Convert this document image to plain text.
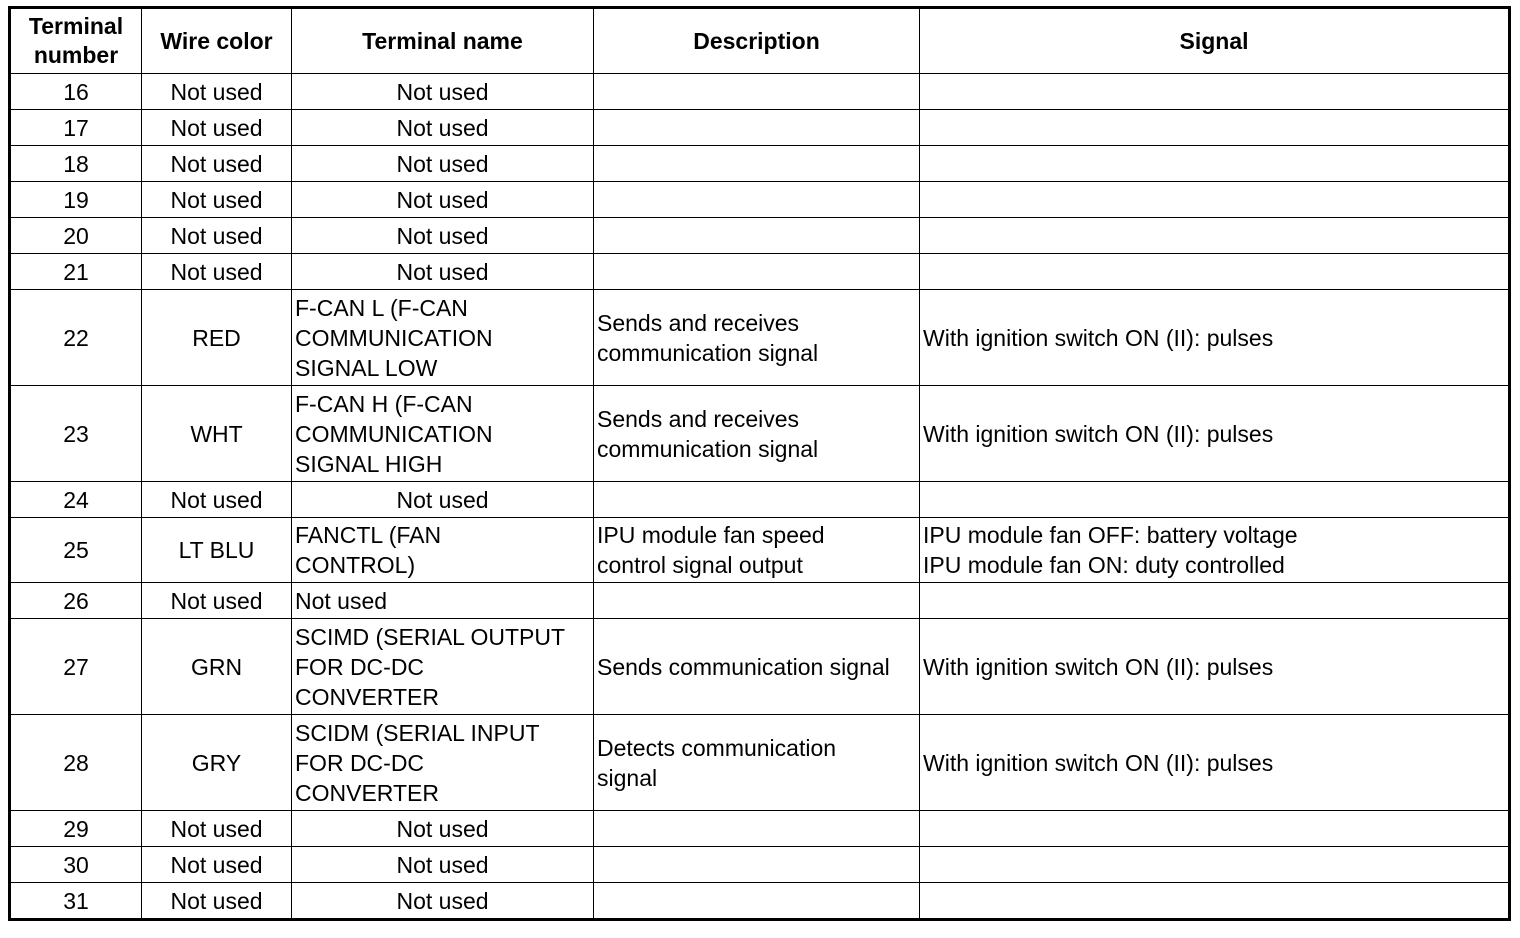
Terminal
number	Wire color	Terminal name	Description	Signal
16	Not used	Not used		
17	Not used	Not used		
18	Not used	Not used		
19	Not used	Not used		
20	Not used	Not used		
21	Not used	Not used		
22	RED	F-CAN L (F-CAN
COMMUNICATION
SIGNAL LOW	Sends and receives
communication signal	With ignition switch ON (II): pulses
23	WHT	F-CAN H (F-CAN
COMMUNICATION
SIGNAL HIGH	Sends and receives
communication signal	With ignition switch ON (II): pulses
24	Not used	Not used		
25	LT BLU	FANCTL (FAN
CONTROL)	IPU module fan speed
control signal output	IPU module fan OFF: battery voltage
IPU module fan ON: duty controlled
26	Not used	Not used		
27	GRN	SCIMD (SERIAL OUTPUT
FOR DC-DC
CONVERTER	Sends communication signal	With ignition switch ON (II): pulses
28	GRY	SCIDM (SERIAL INPUT
FOR DC-DC
CONVERTER	Detects communication
signal	With ignition switch ON (II): pulses
29	Not used	Not used		
30	Not used	Not used		
31	Not used	Not used		
